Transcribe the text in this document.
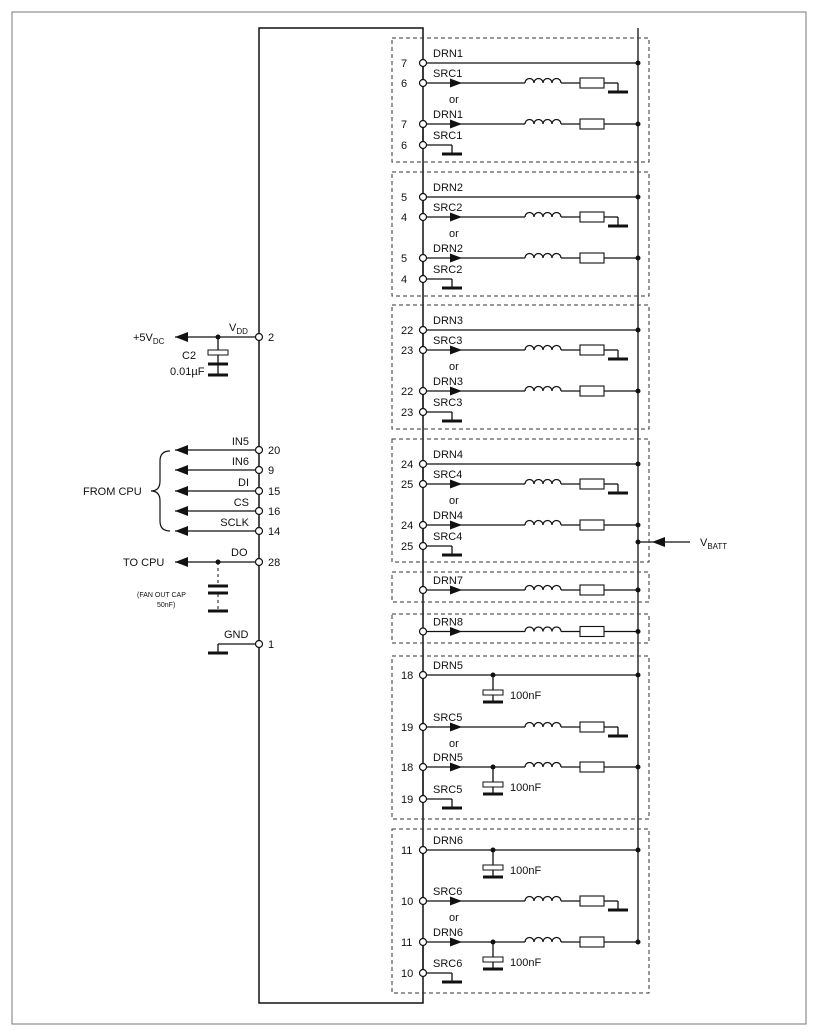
$+5V_{DC}$
$V_{DD}$
2
C2
0.01µF
IN5
20
IN6
9
DI
15
CS
16
SCLK
14
FROM CPU
TO CPU
DO
28
(FAN OUT CAP
50nF)
GND
1
$V_{BATT}$
7
DRN1
6
SRC1
or
7
DRN1
6
SRC1
5
DRN2
4
SRC2
or
5
DRN2
4
SRC2
22
DRN3
23
SRC3
or
22
DRN3
23
SRC3
24
DRN4
25
SRC4
or
24
DRN4
25
SRC4
DRN7
DRN8
18
DRN5
100nF
19
SRC5
or
18
DRN5
100nF
19
SRC5
11
DRN6
100nF
10
SRC6
or
11
DRN6
100nF
10
SRC6
